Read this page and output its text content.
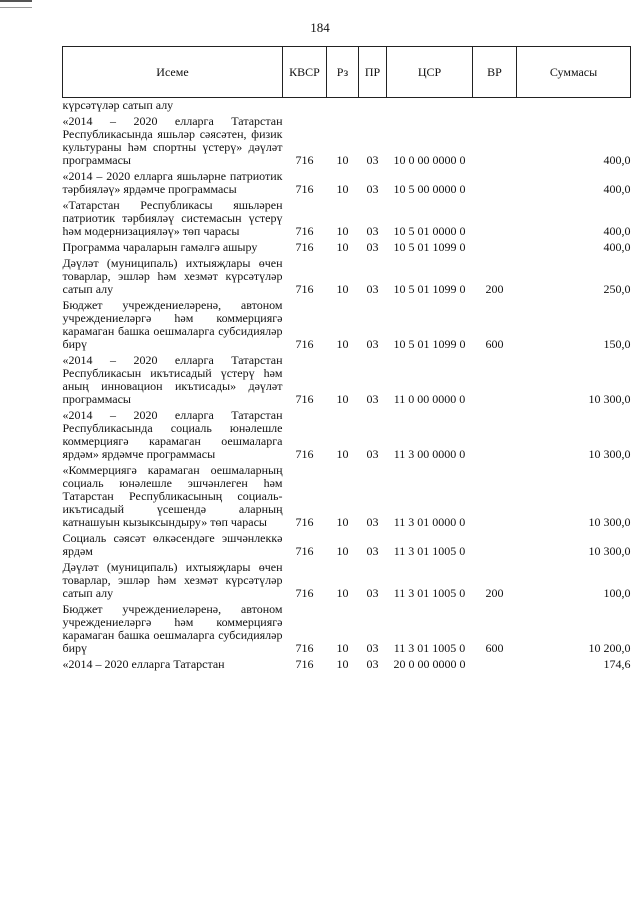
184
Исеме	КВСР	Рз	ПР	ЦСР	ВР	Суммасы
күрсәтүләр сатып алу						
«2014 – 2020 елларга Татарстан Республикасында яшьләр сәясәтен, физик культураны һәм спортны үстерү» дәүләт программасы	716	10	03	10 0 00 0000 0		400,0
«2014 – 2020 елларга яшьләрне патриотик тәрбияләү» ярдәмче программасы	716	10	03	10 5 00 0000 0		400,0
«Татарстан Республикасы яшьләрен патриотик тәрбияләү системасын үстерү һәм модернизацияләү» төп чарасы	716	10	03	10 5 01 0000 0		400,0
Программа чараларын гамәлгә ашыру	716	10	03	10 5 01 1099 0		400,0
Дәүләт (муниципаль) ихтыяҗлары өчен товарлар, эшләр һәм хезмәт күрсәтүләр сатып алу	716	10	03	10 5 01 1099 0	200	250,0
Бюджет учреждениеләренә, автоном учреждениеләргә һәм коммерциягә карамаган башка оешмаларга субсидияләр бирү	716	10	03	10 5 01 1099 0	600	150,0
«2014 – 2020 елларга Татарстан Республикасын икътисадый үстерү һәм аның инновацион икътисады» дәүләт программасы	716	10	03	11 0 00 0000 0		10 300,0
«2014 – 2020 елларга Татарстан Республикасында социаль юнәлешле коммерциягә карамаган оешмаларга ярдәм» ярдәмче программасы	716	10	03	11 3 00 0000 0		10 300,0
«Коммерциягә карамаган оешмаларның социаль юнәлешле эшчәнлеген һәм Татарстан Республикасының социаль-икътисадый үсешендә аларның катнашуын кызыксындыру» төп чарасы	716	10	03	11 3 01 0000 0		10 300,0
Социаль сәясәт өлкәсендәге эшчәнлеккә ярдәм	716	10	03	11 3 01 1005 0		10 300,0
Дәүләт (муниципаль) ихтыяҗлары өчен товарлар, эшләр һәм хезмәт күрсәтүләр сатып алу	716	10	03	11 3 01 1005 0	200	100,0
Бюджет учреждениеләренә, автоном учреждениеләргә һәм коммерциягә карамаган башка оешмаларга субсидияләр бирү	716	10	03	11 3 01 1005 0	600	10 200,0
«2014 – 2020 елларга Татарстан	716	10	03	20 0 00 0000 0		174,6
